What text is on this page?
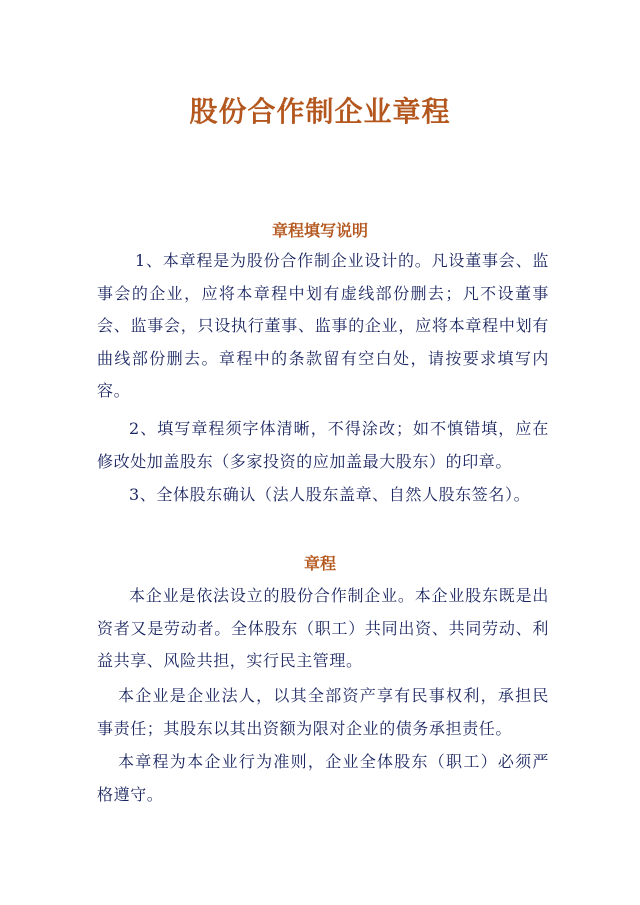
股份合作制企业章程
章程填写说明

1、本章程是为股份合作制企业设计的。凡设董事会、监事会的企业，应将本章程中划有虚线部份删去；凡不设董事会、监事会，只设执行董事、监事的企业，应将本章程中划有曲线部份删去。章程中的条款留有空白处，请按要求填写内容。

2、填写章程须字体清晰，不得涂改；如不慎错填，应在修改处加盖股东（多家投资的应加盖最大股东）的印章。

3、全体股东确认（法人股东盖章、自然人股东签名）。

章程

本企业是依法设立的股份合作制企业。本企业股东既是出资者又是劳动者。全体股东（职工）共同出资、共同劳动、利益共享、风险共担，实行民主管理。

本企业是企业法人，以其全部资产享有民事权利，承担民事责任；其股东以其出资额为限对企业的债务承担责任。

本章程为本企业行为准则，企业全体股东（职工）必须严格遵守。
